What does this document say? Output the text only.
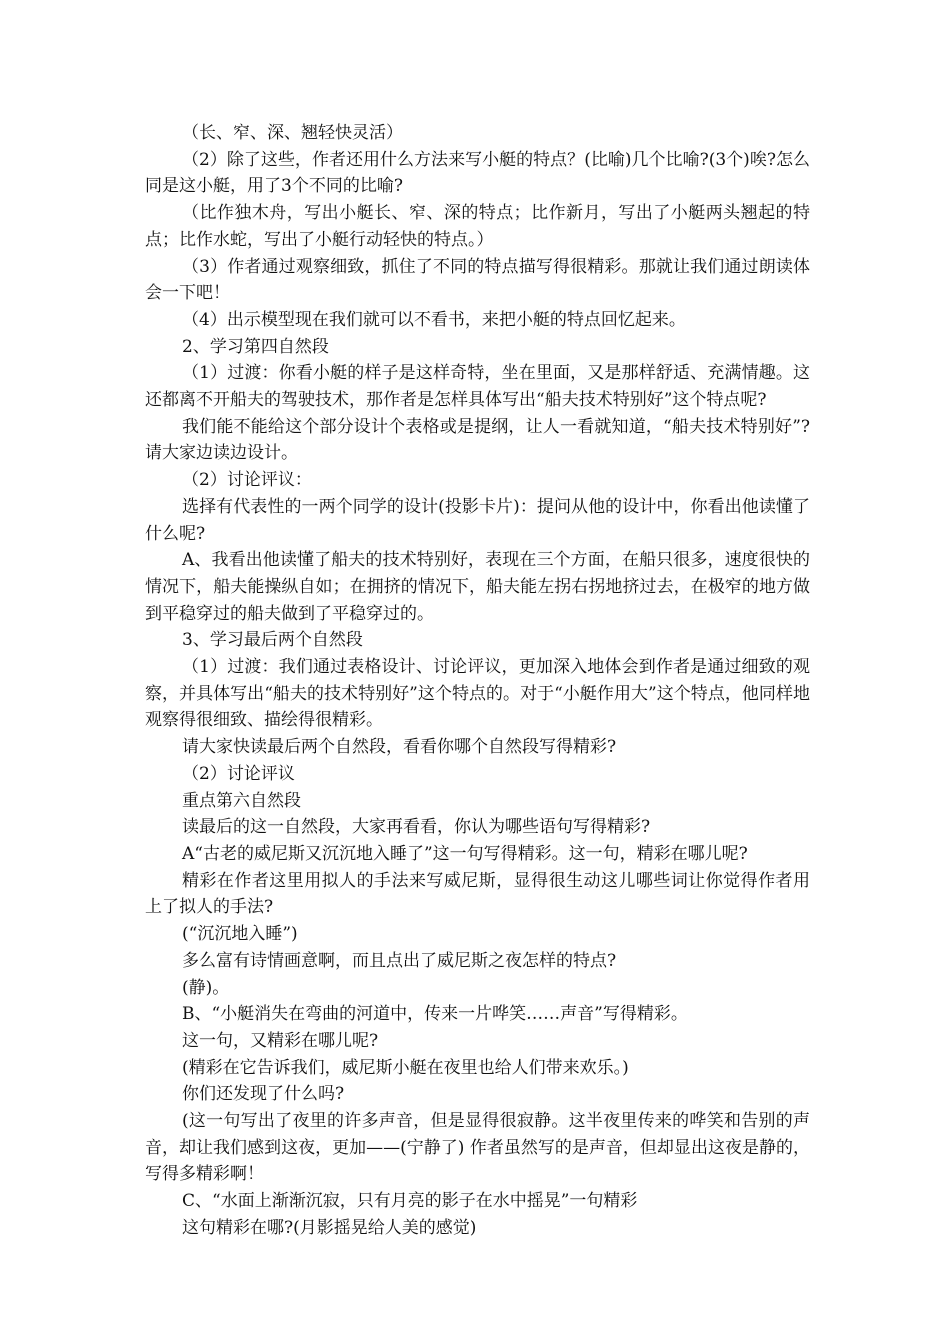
（长、窄、深、翘轻快灵活）

（2）除了这些，作者还用什么方法来写小艇的特点？(比喻)几个比喻?(3个)唉?怎么同是这小艇，用了3个不同的比喻?

（比作独木舟，写出小艇长、窄、深的特点；比作新月，写出了小艇两头翘起的特点；比作水蛇，写出了小艇行动轻快的特点。）

（3）作者通过观察细致，抓住了不同的特点描写得很精彩。那就让我们通过朗读体会一下吧！

（4）出示模型现在我们就可以不看书，来把小艇的特点回忆起来。

2、学习第四自然段

（1）过渡：你看小艇的样子是这样奇特，坐在里面，又是那样舒适、充满情趣。这还都离不开船夫的驾驶技术，那作者是怎样具体写出“船夫技术特别好”这个特点呢?

我们能不能给这个部分设计个表格或是提纲，让人一看就知道，“船夫技术特别好”?请大家边读边设计。

（2）讨论评议：

选择有代表性的一两个同学的设计(投影卡片)：提问从他的设计中，你看出他读懂了什么呢?

A、我看出他读懂了船夫的技术特别好，表现在三个方面，在船只很多，速度很快的情况下，船夫能操纵自如；在拥挤的情况下，船夫能左拐右拐地挤过去，在极窄的地方做到平稳穿过的船夫做到了平稳穿过的。

3、学习最后两个自然段

（1）过渡：我们通过表格设计、讨论评议，更加深入地体会到作者是通过细致的观察，并具体写出“船夫的技术特别好”这个特点的。对于“小艇作用大”这个特点，他同样地观察得很细致、描绘得很精彩。

请大家快读最后两个自然段，看看你哪个自然段写得精彩?

（2）讨论评议

重点第六自然段

读最后的这一自然段，大家再看看，你认为哪些语句写得精彩?

A“古老的威尼斯又沉沉地入睡了”这一句写得精彩。这一句，精彩在哪儿呢?

精彩在作者这里用拟人的手法来写威尼斯，显得很生动这儿哪些词让你觉得作者用上了拟人的手法?

(“沉沉地入睡”)

多么富有诗情画意啊，而且点出了威尼斯之夜怎样的特点?

(静)。

B、“小艇消失在弯曲的河道中，传来一片哗笑……声音”写得精彩。

这一句，又精彩在哪儿呢?

(精彩在它告诉我们，威尼斯小艇在夜里也给人们带来欢乐。)

你们还发现了什么吗?

(这一句写出了夜里的许多声音，但是显得很寂静。这半夜里传来的哗笑和告别的声音，却让我们感到这夜，更加——(宁静了) 作者虽然写的是声音，但却显出这夜是静的，写得多精彩啊！

C、“水面上渐渐沉寂，只有月亮的影子在水中摇晃”一句精彩

这句精彩在哪?(月影摇晃给人美的感觉)
